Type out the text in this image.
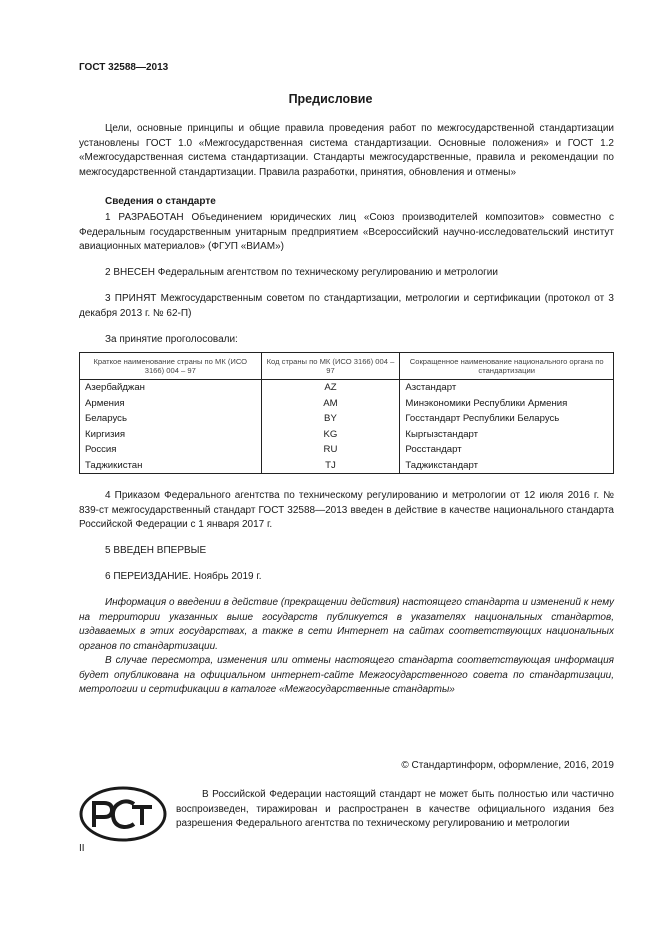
ГОСТ 32588—2013
Предисловие

Цели, основные принципы и общие правила проведения работ по межгосударственной стандартизации установлены ГОСТ 1.0 «Межгосударственная система стандартизации. Основные положения» и ГОСТ 1.2 «Межгосударственная система стандартизации. Стандарты межгосударственные, правила и рекомендации по межгосударственной стандартизации. Правила разработки, принятия, обновления и отмены»

Сведения о стандарте

1 РАЗРАБОТАН Объединением юридических лиц «Союз производителей композитов» совместно с Федеральным государственным унитарным предприятием «Всероссийский научно-исследовательский институт авиационных материалов» (ФГУП «ВИАМ»)

2 ВНЕСЕН Федеральным агентством по техническому регулированию и метрологии

3 ПРИНЯТ Межгосударственным советом по стандартизации, метрологии и сертификации (протокол от 3 декабря 2013 г. № 62-П)

За принятие проголосовали:

Краткое наименование страны по МК (ИСО 3166) 004 – 97	Код страны по МК (ИСО 3166) 004 – 97	Сокращенное наименование национального органа по стандартизации
Азербайджан	AZ	Азстандарт
Армения	AM	Минэкономики Республики Армения
Беларусь	BY	Госстандарт Республики Беларусь
Киргизия	KG	Кыргызстандарт
Россия	RU	Росстандарт
Таджикистан	TJ	Таджикстандарт

4 Приказом Федерального агентства по техническому регулированию и метрологии от 12 июля 2016 г. № 839-ст межгосударственный стандарт ГОСТ 32588—2013 введен в действие в качестве национального стандарта Российской Федерации с 1 января 2017 г.

5 ВВЕДЕН ВПЕРВЫЕ

6 ПЕРЕИЗДАНИЕ. Ноябрь 2019 г.

Информация о введении в действие (прекращении действия) настоящего стандарта и изменений к нему на территории указанных выше государств публикуется в указателях национальных стандартов, издаваемых в этих государствах, а также в сети Интернет на сайтах соответствующих национальных органов по стандартизации.

В случае пересмотра, изменения или отмены настоящего стандарта соответствующая информация будет опубликована на официальном интернет-сайте Межгосударственного совета по стандартизации, метрологии и сертификации в каталоге «Межгосударственные стандарты»

© Стандартинформ, оформление, 2016, 2019

В Российской Федерации настоящий стандарт не может быть полностью или частично воспроизведен, тиражирован и распространен в качестве официального издания без разрешения Федерального агентства по техническому регулированию и метрологии

II
